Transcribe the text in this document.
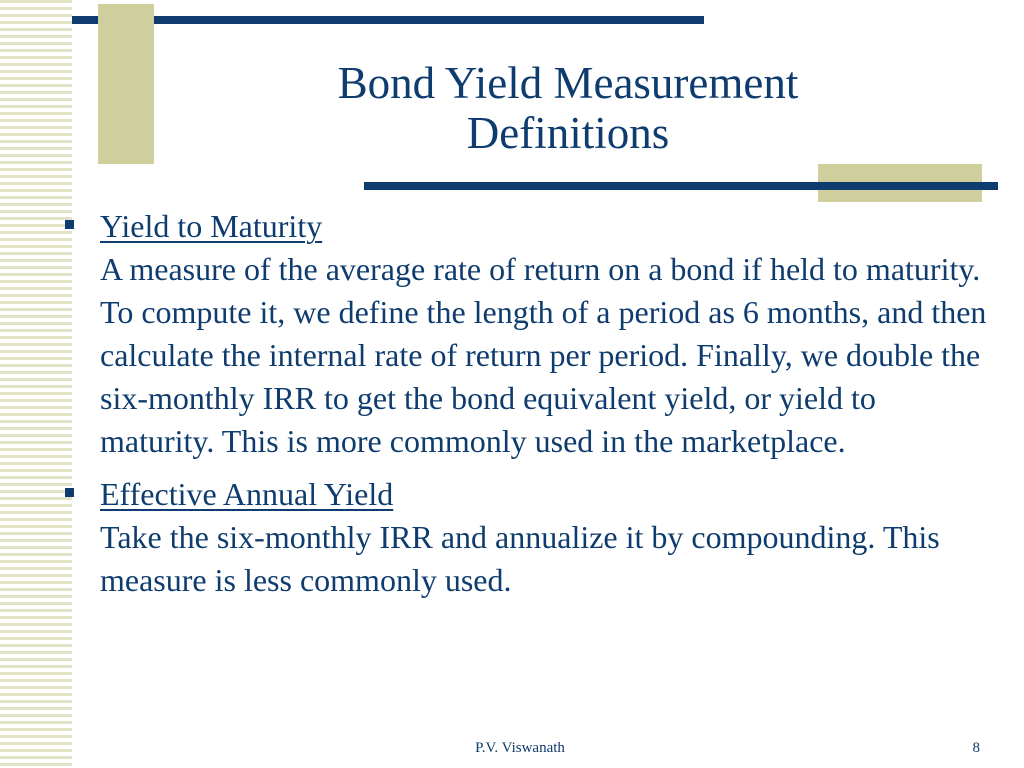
Bond Yield Measurement
Definitions
Yield to Maturity
A measure of the average rate of return on a bond if held to maturity. To compute it, we define the length of a period as 6 months, and then calculate the internal rate of return per period. Finally, we double the six-monthly IRR to get the bond equivalent yield, or yield to maturity. This is more commonly used in the marketplace.
Effective Annual Yield
Take the six-monthly IRR and annualize it by compounding. This measure is less commonly used.
P.V. Viswanath	8
